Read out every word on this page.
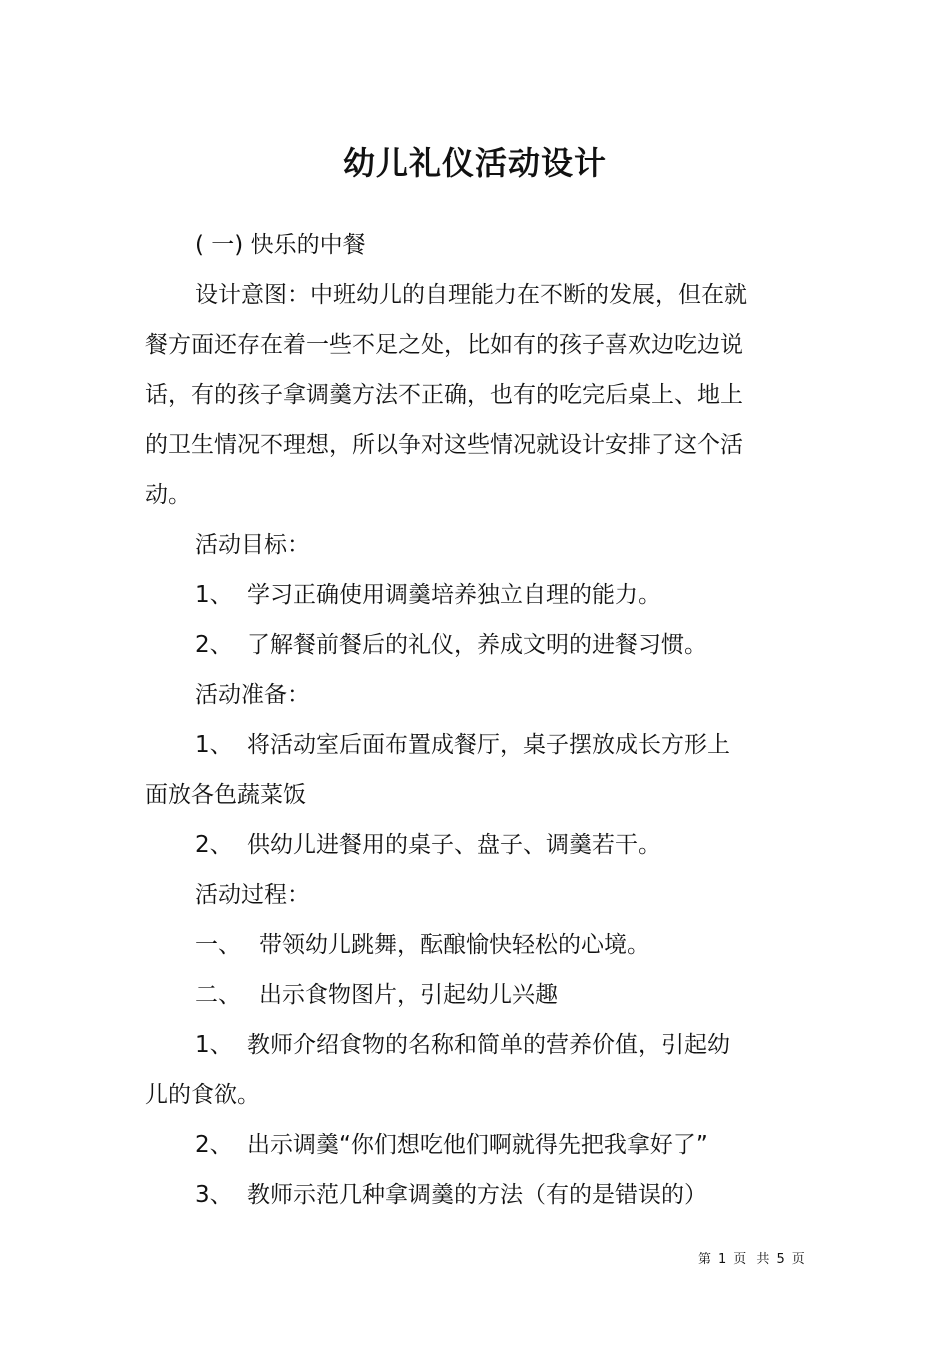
幼儿礼仪活动设计

( 一) 快乐的中餐

设计意图：中班幼儿的自理能力在不断的发展，但在就餐方面还存在着一些不足之处，比如有的孩子喜欢边吃边说话，有的孩子拿调羹方法不正确，也有的吃完后桌上、地上的卫生情况不理想，所以争对这些情况就设计安排了这个活动。

活动目标：

1、 学习正确使用调羹培养独立自理的能力。

2、 了解餐前餐后的礼仪，养成文明的进餐习惯。

活动准备：

1、 将活动室后面布置成餐厅，桌子摆放成长方形上面放各色蔬菜饭

2、 供幼儿进餐用的桌子、盘子、调羹若干。

活动过程：

一、 带领幼儿跳舞，酝酿愉快轻松的心境。

二、 出示食物图片，引起幼儿兴趣

1、 教师介绍食物的名称和简单的营养价值，引起幼儿的食欲。

2、 出示调羹“你们想吃他们啊就得先把我拿好了”

3、 教师示范几种拿调羹的方法（有的是错误的）

第 1 页 共 5 页
